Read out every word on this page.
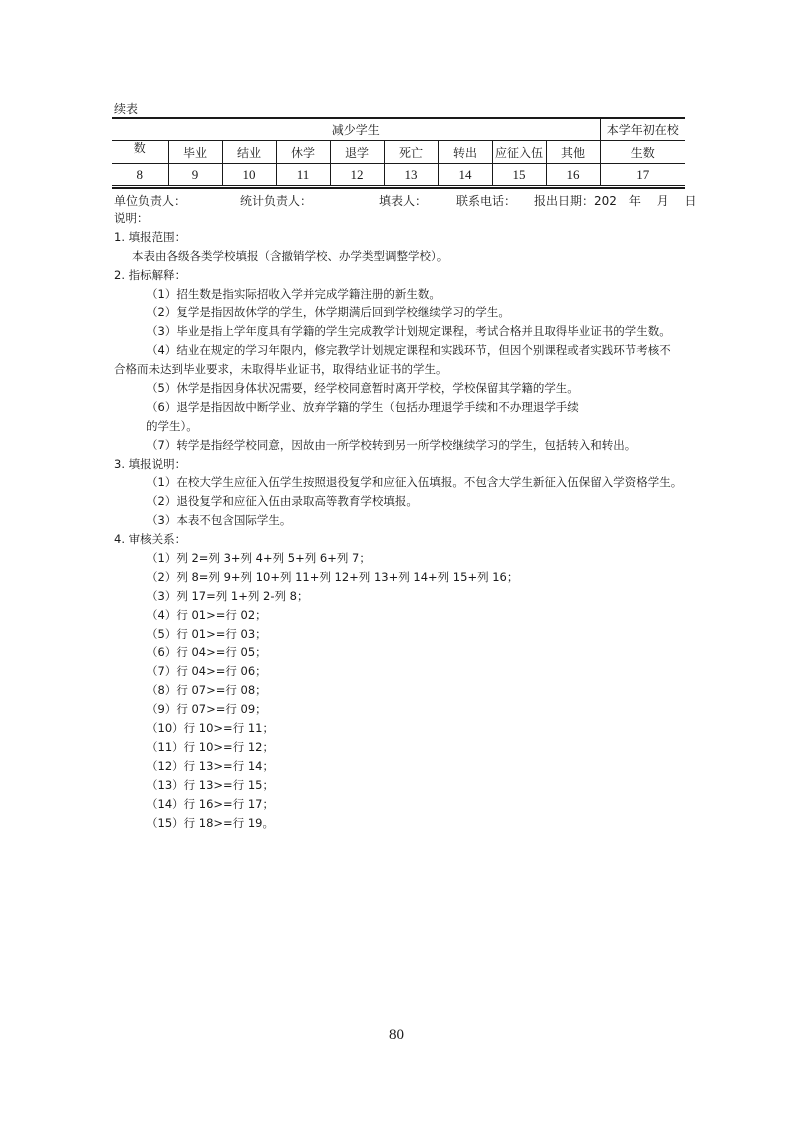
续表
减少学生									本学年初在校
数	毕业	结业	休学	退学	死亡	转出	应征入伍	其他	生数
8	9	10	11	12	13	14	15	16	17
单位负责人：	统计负责人：	填表人： 联系电话： 报出日期：202　年　 月　 日
说明：
1. 填报范围：
本表由各级各类学校填报（含撤销学校、办学类型调整学校）。
2. 指标解释：
（1）招生数是指实际招收入学并完成学籍注册的新生数。
（2）复学是指因故休学的学生，休学期满后回到学校继续学习的学生。
（3）毕业是指上学年度具有学籍的学生完成教学计划规定课程，考试合格并且取得毕业证书的学生数。
（4）结业在规定的学习年限内，修完教学计划规定课程和实践环节，但因个别课程或者实践环节考核不
合格而未达到毕业要求，未取得毕业证书，取得结业证书的学生。
（5）休学是指因身体状况需要，经学校同意暂时离开学校，学校保留其学籍的学生。
（6）退学是指因故中断学业、放弃学籍的学生（包括办理退学手续和不办理退学手续
的学生）。
（7）转学是指经学校同意，因故由一所学校转到另一所学校继续学习的学生，包括转入和转出。
3. 填报说明：
（1）在校大学生应征入伍学生按照退役复学和应征入伍填报。不包含大学生新征入伍保留入学资格学生。
（2）退役复学和应征入伍由录取高等教育学校填报。
（3）本表不包含国际学生。
4. 审核关系：
（1）列 2=列 3+列 4+列 5+列 6+列 7；
（2）列 8=列 9+列 10+列 11+列 12+列 13+列 14+列 15+列 16；
（3）列 17=列 1+列 2-列 8；
（4）行 01>=行 02；
（5）行 01>=行 03；
（6）行 04>=行 05；
（7）行 04>=行 06；
（8）行 07>=行 08；
（9）行 07>=行 09；
（10）行 10>=行 11；
（11）行 10>=行 12；
（12）行 13>=行 14；
（13）行 13>=行 15；
（14）行 16>=行 17；
（15）行 18>=行 19。
80
